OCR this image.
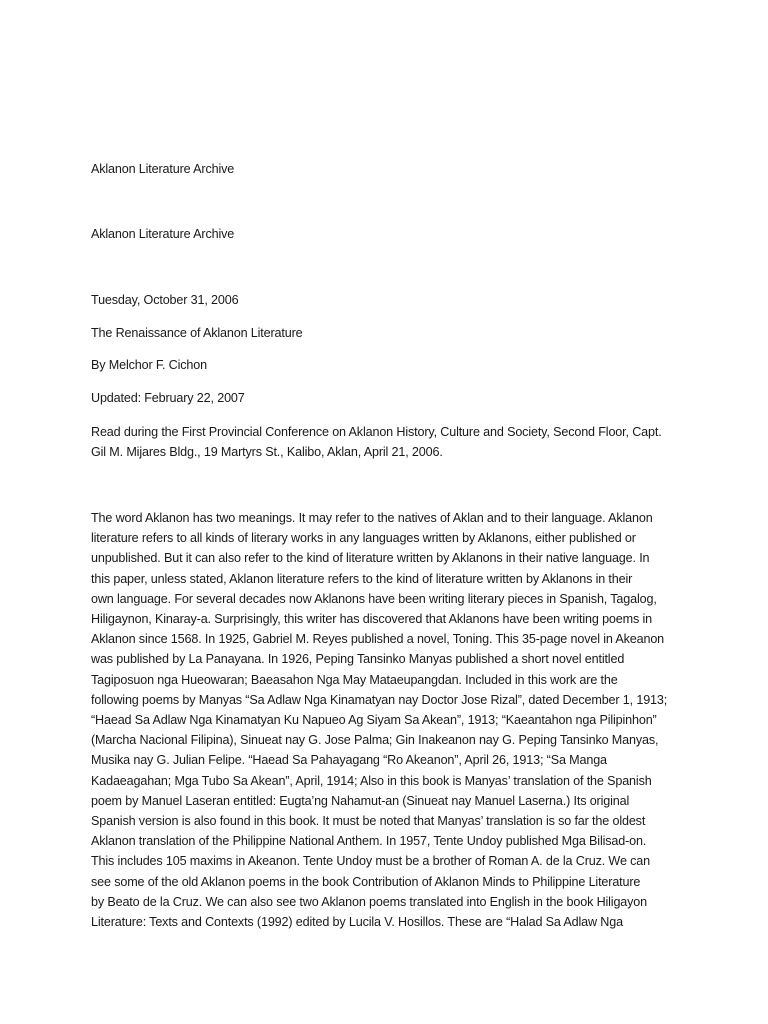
Aklanon Literature Archive
Aklanon Literature Archive
Tuesday, October 31, 2006
The Renaissance of Aklanon Literature
By Melchor F. Cichon
Updated: February 22, 2007
Read during the First Provincial Conference on Aklanon History, Culture and Society, Second Floor, Capt.
Gil M. Mijares Bldg., 19 Martyrs St., Kalibo, Aklan, April 21, 2006.
The word Aklanon has two meanings. It may refer to the natives of Aklan and to their language. Aklanon
literature refers to all kinds of literary works in any languages written by Aklanons, either published or
unpublished. But it can also refer to the kind of literature written by Aklanons in their native language. In
this paper, unless stated, Aklanon literature refers to the kind of literature written by Aklanons in their
own language. For several decades now Aklanons have been writing literary pieces in Spanish, Tagalog,
Hiligaynon, Kinaray-a. Surprisingly, this writer has discovered that Aklanons have been writing poems in
Aklanon since 1568. In 1925, Gabriel M. Reyes published a novel, Toning. This 35-page novel in Akeanon
was published by La Panayana. In 1926, Peping Tansinko Manyas published a short novel entitled
Tagiposuon nga Hueowaran; Baeasahon Nga May Mataeupangdan. Included in this work are the
following poems by Manyas “Sa Adlaw Nga Kinamatyan nay Doctor Jose Rizal”, dated December 1, 1913;
“Haead Sa Adlaw Nga Kinamatyan Ku Napueo Ag Siyam Sa Akean”, 1913; “Kaeantahon nga Pilipinhon”
(Marcha Nacional Filipina), Sinueat nay G. Jose Palma; Gin Inakeanon nay G. Peping Tansinko Manyas,
Musika nay G. Julian Felipe. “Haead Sa Pahayagang “Ro Akeanon”, April 26, 1913; “Sa Manga
Kadaeagahan; Mga Tubo Sa Akean”, April, 1914; Also in this book is Manyas’ translation of the Spanish
poem by Manuel Laseran entitled: Eugta’ng Nahamut-an (Sinueat nay Manuel Laserna.) Its original
Spanish version is also found in this book. It must be noted that Manyas’ translation is so far the oldest
Aklanon translation of the Philippine National Anthem. In 1957, Tente Undoy published Mga Bilisad-on.
This includes 105 maxims in Akeanon. Tente Undoy must be a brother of Roman A. de la Cruz. We can
see some of the old Aklanon poems in the book Contribution of Aklanon Minds to Philippine Literature
by Beato de la Cruz. We can also see two Aklanon poems translated into English in the book Hiligayon
Literature: Texts and Contexts (1992) edited by Lucila V. Hosillos. These are “Halad Sa Adlaw Nga
